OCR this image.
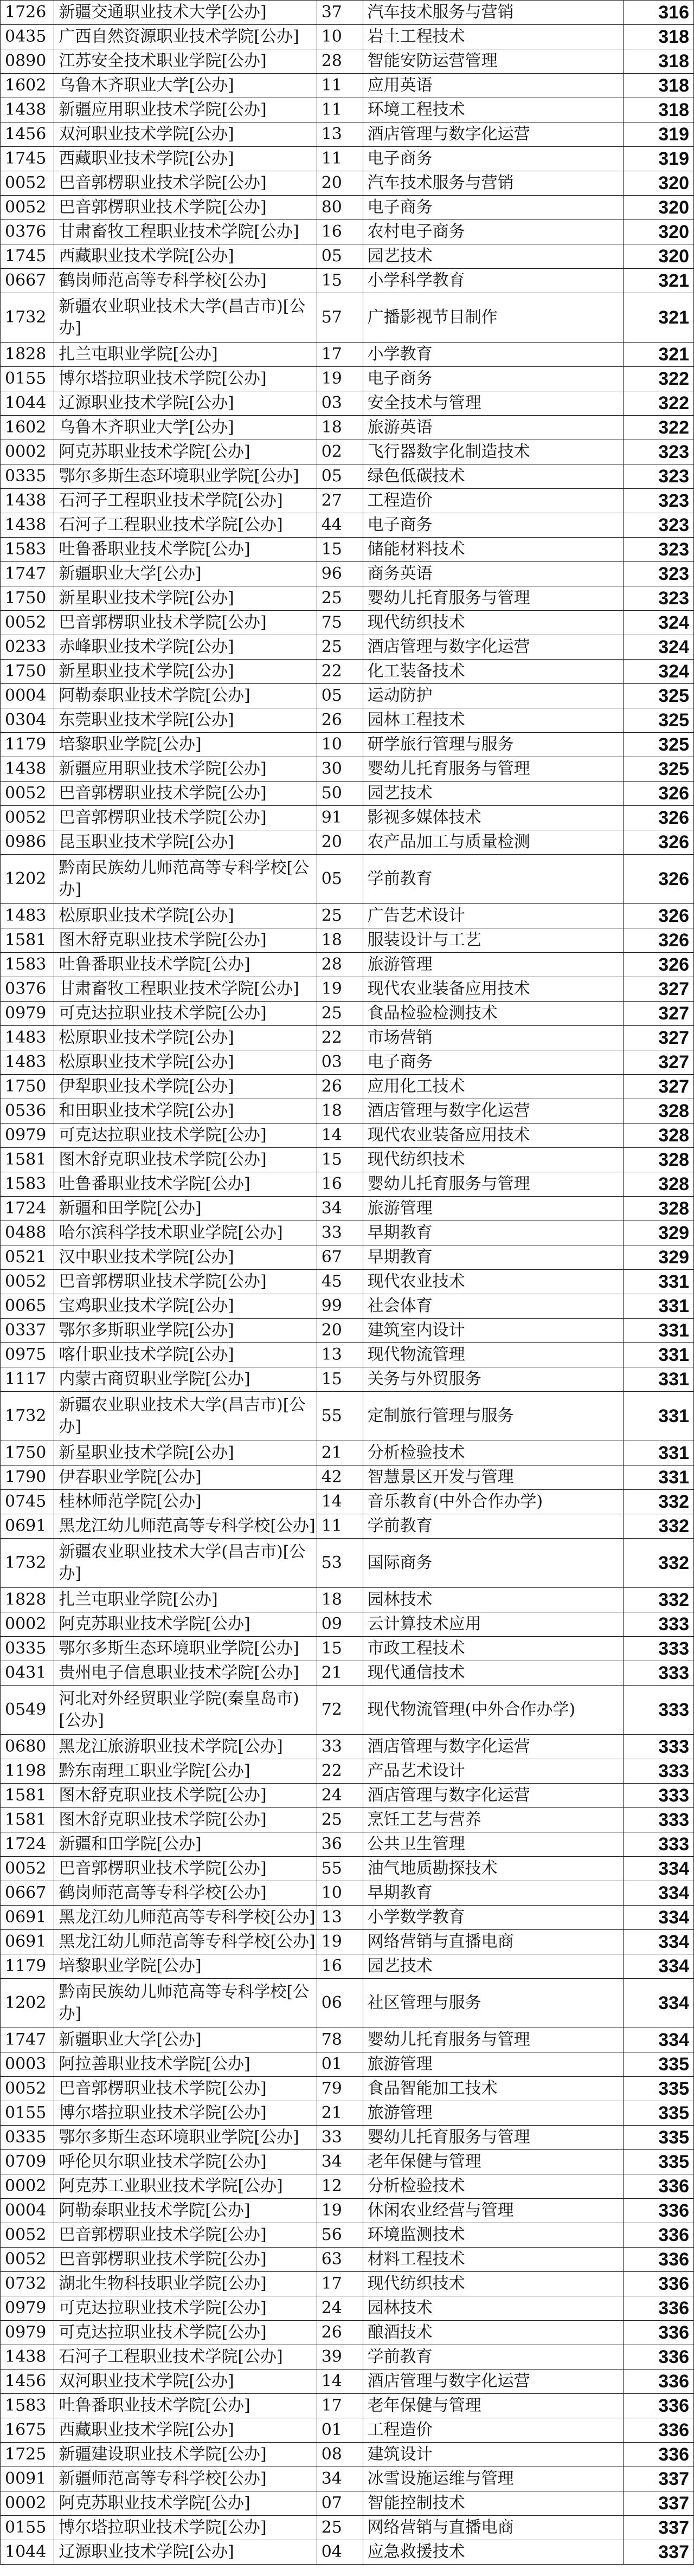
1726	新疆交通职业技术大学[公办]	37	汽车技术服务与营销	316
0435	广西自然资源职业技术学院[公办]	10	岩土工程技术	318
0890	江苏安全技术职业学院[公办]	28	智能安防运营管理	318
1602	乌鲁木齐职业大学[公办]	11	应用英语	318
1438	新疆应用职业技术学院[公办]	11	环境工程技术	318
1456	双河职业技术学院[公办]	13	酒店管理与数字化运营	319
1745	西藏职业技术学院[公办]	11	电子商务	319
0052	巴音郭楞职业技术学院[公办]	20	汽车技术服务与营销	320
0052	巴音郭楞职业技术学院[公办]	80	电子商务	320
0376	甘肃畜牧工程职业技术学院[公办]	16	农村电子商务	320
1745	西藏职业技术学院[公办]	05	园艺技术	320
0667	鹤岗师范高等专科学校[公办]	15	小学科学教育	321
1732	新疆农业职业技术大学(昌吉市)[公办]	57	广播影视节目制作	321
1828	扎兰屯职业学院[公办]	17	小学教育	321
0155	博尔塔拉职业技术学院[公办]	19	电子商务	322
1044	辽源职业技术学院[公办]	03	安全技术与管理	322
1602	乌鲁木齐职业大学[公办]	18	旅游英语	322
0002	阿克苏职业技术学院[公办]	02	飞行器数字化制造技术	323
0335	鄂尔多斯生态环境职业学院[公办]	05	绿色低碳技术	323
1438	石河子工程职业技术学院[公办]	27	工程造价	323
1438	石河子工程职业技术学院[公办]	44	电子商务	323
1583	吐鲁番职业技术学院[公办]	15	储能材料技术	323
1747	新疆职业大学[公办]	96	商务英语	323
1750	新星职业技术学院[公办]	25	婴幼儿托育服务与管理	323
0052	巴音郭楞职业技术学院[公办]	75	现代纺织技术	324
0233	赤峰职业技术学院[公办]	25	酒店管理与数字化运营	324
1750	新星职业技术学院[公办]	22	化工装备技术	324
0004	阿勒泰职业技术学院[公办]	05	运动防护	325
0304	东莞职业技术学院[公办]	26	园林工程技术	325
1179	培黎职业学院[公办]	10	研学旅行管理与服务	325
1438	新疆应用职业技术学院[公办]	30	婴幼儿托育服务与管理	325
0052	巴音郭楞职业技术学院[公办]	50	园艺技术	326
0052	巴音郭楞职业技术学院[公办]	91	影视多媒体技术	326
0986	昆玉职业技术学院[公办]	20	农产品加工与质量检测	326
1202	黔南民族幼儿师范高等专科学校[公办]	05	学前教育	326
1483	松原职业技术学院[公办]	25	广告艺术设计	326
1581	图木舒克职业技术学院[公办]	18	服装设计与工艺	326
1583	吐鲁番职业技术学院[公办]	28	旅游管理	326
0376	甘肃畜牧工程职业技术学院[公办]	19	现代农业装备应用技术	327
0979	可克达拉职业技术学院[公办]	25	食品检验检测技术	327
1483	松原职业技术学院[公办]	22	市场营销	327
1483	松原职业技术学院[公办]	03	电子商务	327
1750	伊犁职业技术学院[公办]	26	应用化工技术	327
0536	和田职业技术学院[公办]	18	酒店管理与数字化运营	328
0979	可克达拉职业技术学院[公办]	14	现代农业装备应用技术	328
1581	图木舒克职业技术学院[公办]	15	现代纺织技术	328
1583	吐鲁番职业技术学院[公办]	16	婴幼儿托育服务与管理	328
1724	新疆和田学院[公办]	34	旅游管理	328
0488	哈尔滨科学技术职业学院[公办]	33	早期教育	329
0521	汉中职业技术学院[公办]	67	早期教育	329
0052	巴音郭楞职业技术学院[公办]	45	现代农业技术	331
0065	宝鸡职业技术学院[公办]	99	社会体育	331
0337	鄂尔多斯职业学院[公办]	20	建筑室内设计	331
0975	喀什职业技术学院[公办]	13	现代物流管理	331
1117	内蒙古商贸职业学院[公办]	15	关务与外贸服务	331
1732	新疆农业职业技术大学(昌吉市)[公办]	55	定制旅行管理与服务	331
1750	新星职业技术学院[公办]	21	分析检验技术	331
1790	伊春职业学院[公办]	42	智慧景区开发与管理	331
0745	桂林师范学院[公办]	14	音乐教育(中外合作办学)	332
0691	黑龙江幼儿师范高等专科学校[公办]	11	学前教育	332
1732	新疆农业职业技术大学(昌吉市)[公办]	53	国际商务	332
1828	扎兰屯职业学院[公办]	18	园林技术	332
0002	阿克苏职业技术学院[公办]	09	云计算技术应用	333
0335	鄂尔多斯生态环境职业学院[公办]	15	市政工程技术	333
0431	贵州电子信息职业技术学院[公办]	21	现代通信技术	333
0549	河北对外经贸职业学院(秦皇岛市)[公办]	72	现代物流管理(中外合作办学)	333
0680	黑龙江旅游职业技术学院[公办]	33	酒店管理与数字化运营	333
1198	黔东南理工职业学院[公办]	22	产品艺术设计	333
1581	图木舒克职业技术学院[公办]	24	酒店管理与数字化运营	333
1581	图木舒克职业技术学院[公办]	25	烹饪工艺与营养	333
1724	新疆和田学院[公办]	36	公共卫生管理	333
0052	巴音郭楞职业技术学院[公办]	55	油气地质勘探技术	334
0667	鹤岗师范高等专科学校[公办]	10	早期教育	334
0691	黑龙江幼儿师范高等专科学校[公办]	13	小学数学教育	334
0691	黑龙江幼儿师范高等专科学校[公办]	19	网络营销与直播电商	334
1179	培黎职业学院[公办]	16	园艺技术	334
1202	黔南民族幼儿师范高等专科学校[公办]	06	社区管理与服务	334
1747	新疆职业大学[公办]	78	婴幼儿托育服务与管理	334
0003	阿拉善职业技术学院[公办]	01	旅游管理	335
0052	巴音郭楞职业技术学院[公办]	79	食品智能加工技术	335
0155	博尔塔拉职业技术学院[公办]	21	旅游管理	335
0335	鄂尔多斯生态环境职业学院[公办]	33	婴幼儿托育服务与管理	335
0709	呼伦贝尔职业技术学院[公办]	34	老年保健与管理	335
0002	阿克苏工业职业技术学院[公办]	12	分析检验技术	336
0004	阿勒泰职业技术学院[公办]	19	休闲农业经营与管理	336
0052	巴音郭楞职业技术学院[公办]	56	环境监测技术	336
0052	巴音郭楞职业技术学院[公办]	63	材料工程技术	336
0732	湖北生物科技职业学院[公办]	17	现代纺织技术	336
0979	可克达拉职业技术学院[公办]	24	园林技术	336
0979	可克达拉职业技术学院[公办]	26	酿酒技术	336
1438	石河子工程职业技术学院[公办]	39	学前教育	336
1456	双河职业技术学院[公办]	14	酒店管理与数字化运营	336
1583	吐鲁番职业技术学院[公办]	17	老年保健与管理	336
1675	西藏职业技术学院[公办]	01	工程造价	336
1725	新疆建设职业技术学院[公办]	08	建筑设计	336
0091	新疆师范高等专科学校[公办]	34	冰雪设施运维与管理	337
0002	阿克苏职业技术学院[公办]	07	智能控制技术	337
0155	博尔塔拉职业技术学院[公办]	25	网络营销与直播电商	337
1044	辽源职业技术学院[公办]	04	应急救援技术	337
